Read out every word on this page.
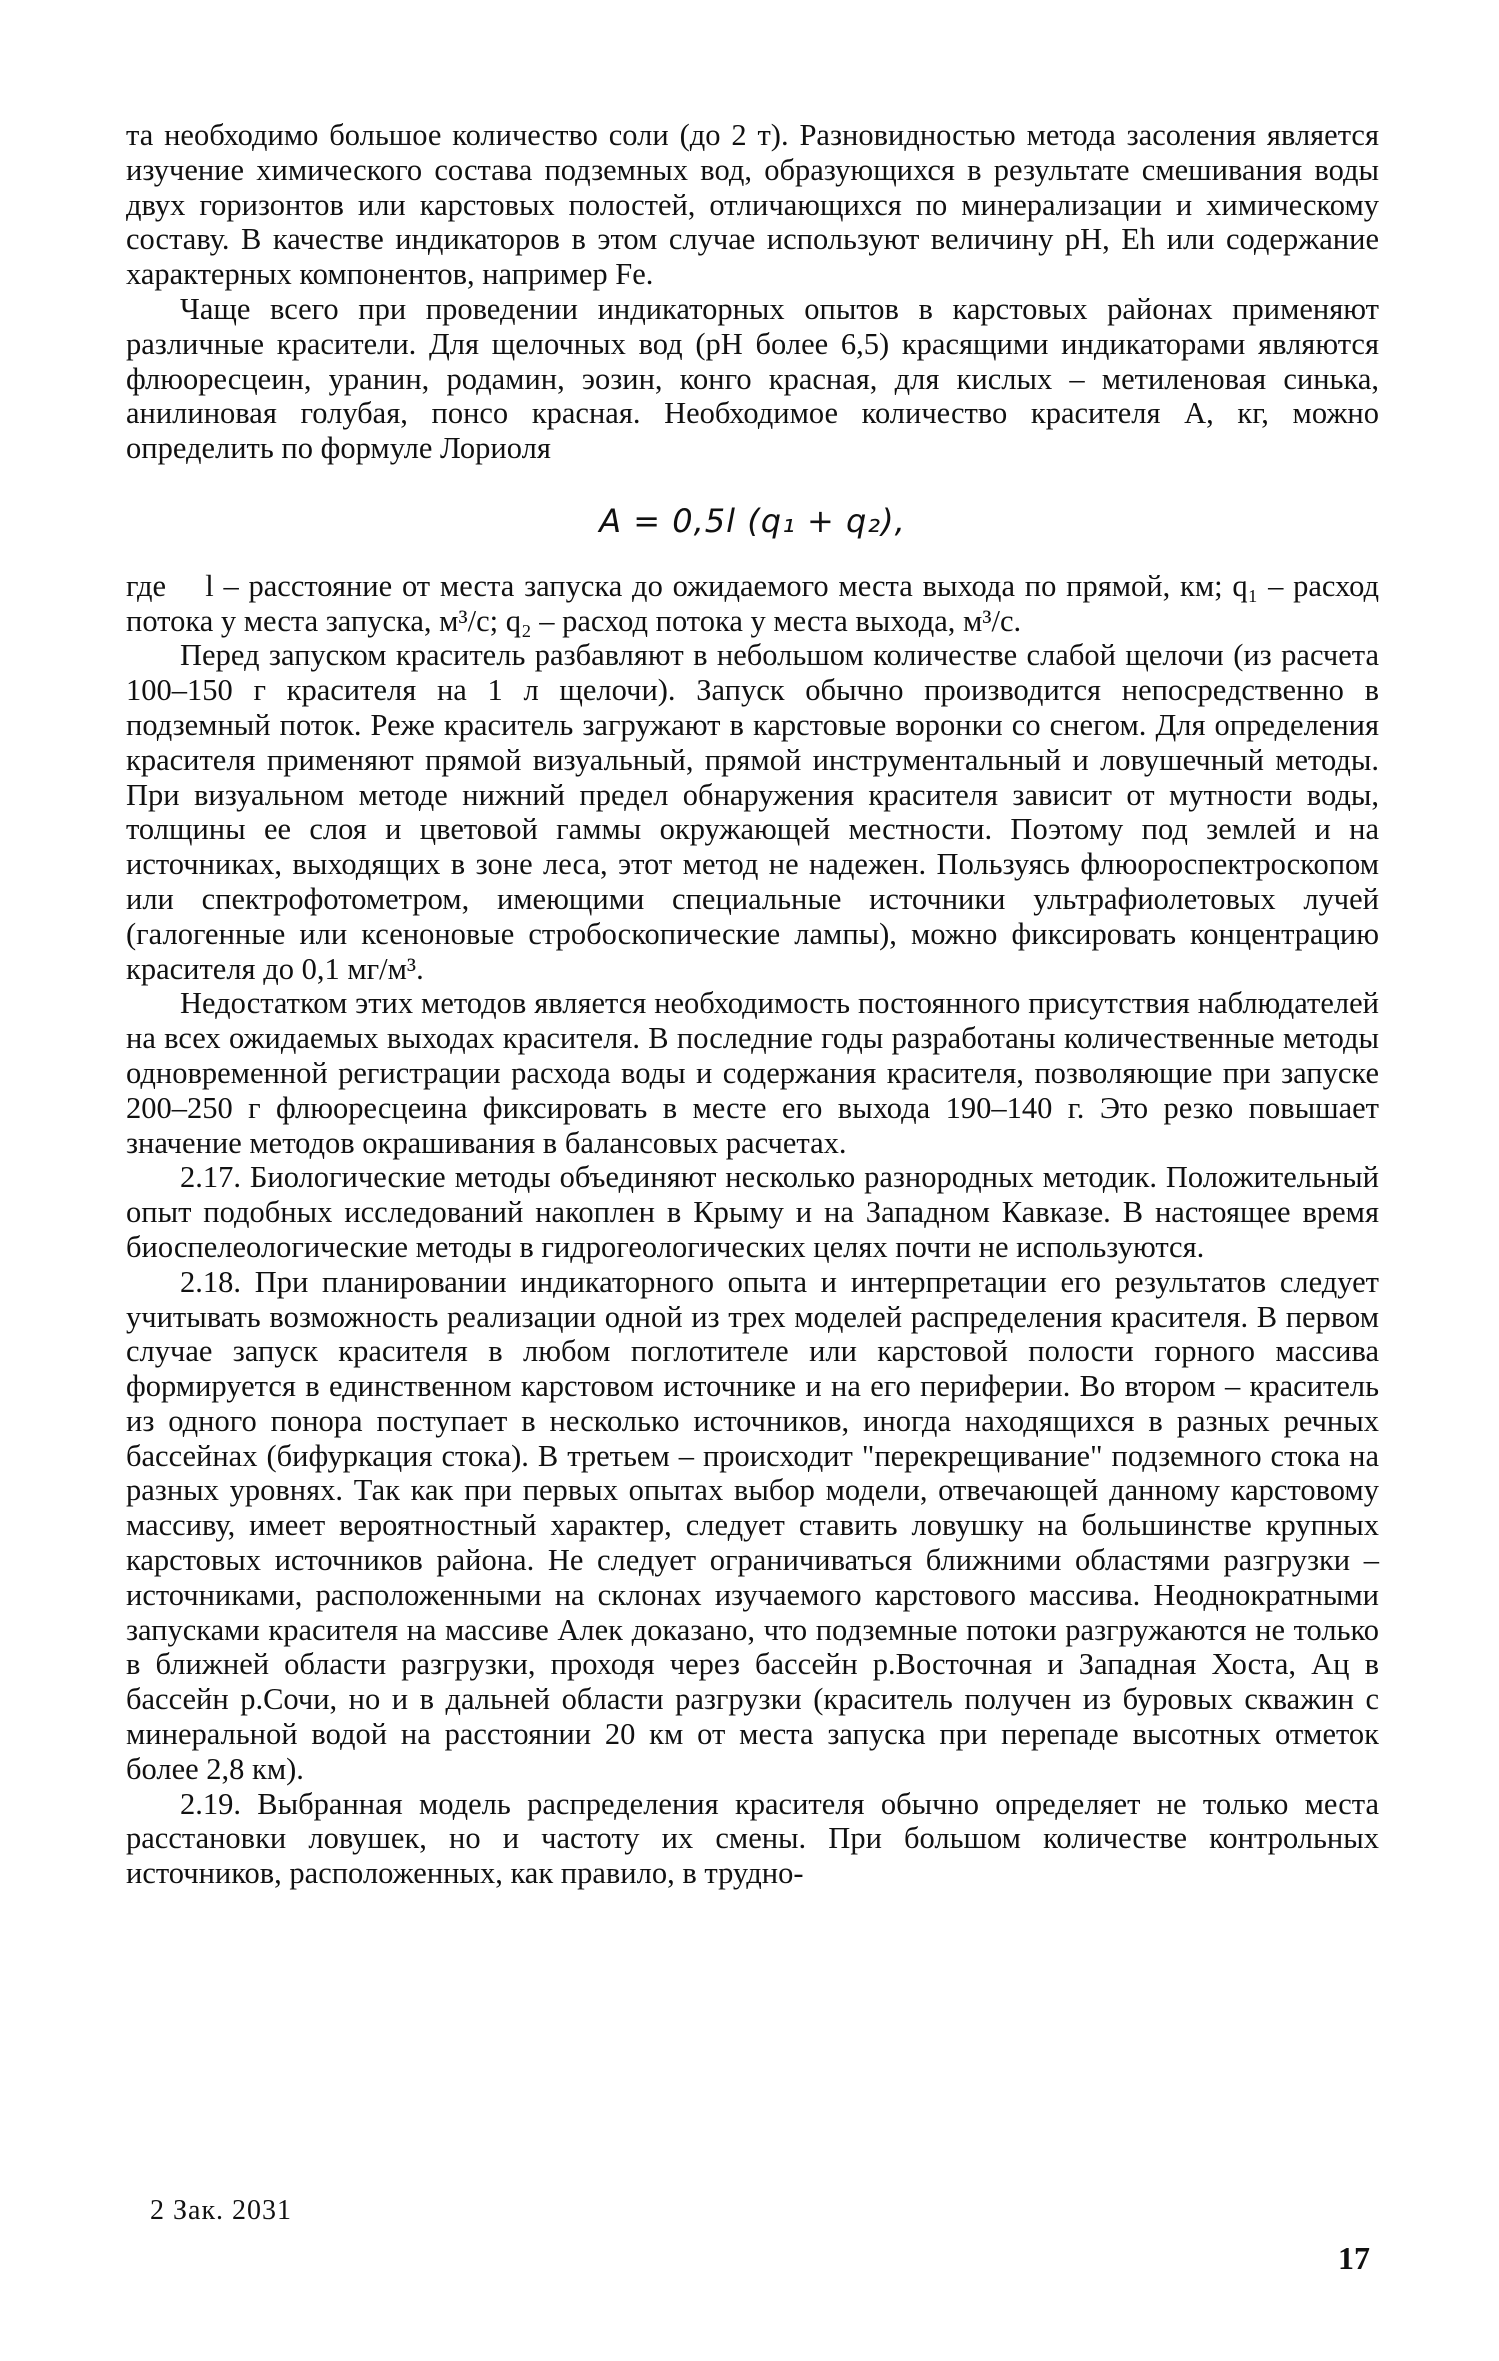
та необходимо большое количество соли (до 2 т). Разновидностью метода засоления является изучение химического состава подземных вод, образующихся в результате смешивания воды двух горизонтов или карстовых полостей, отличающихся по минерализации и химическому составу. В качестве индикаторов в этом случае используют величину pH, Eh или содержание характерных компонентов, например Fe.

Чаще всего при проведении индикаторных опытов в карстовых районах применяют различные красители. Для щелочных вод (pH более 6,5) красящими индикаторами являются флюоресцеин, уранин, родамин, эозин, конго красная, для кислых – метиленовая синька, анилиновая голубая, понсо красная. Необходимое количество красителя A, кг, можно определить по формуле Лориоля

A = 0,5l (q₁ + q₂),

где l – расстояние от места запуска до ожидаемого места выхода по прямой, км; q₁ – расход потока у места запуска, м³/с; q₂ – расход потока у места выхода, м³/с.

Перед запуском краситель разбавляют в небольшом количестве слабой щелочи (из расчета 100–150 г красителя на 1 л щелочи). Запуск обычно производится непосредственно в подземный поток. Реже краситель загружают в карстовые воронки со снегом. Для определения красителя применяют прямой визуальный, прямой инструментальный и ловушечный методы. При визуальном методе нижний предел обнаружения красителя зависит от мутности воды, толщины ее слоя и цветовой гаммы окружающей местности. Поэтому под землей и на источниках, выходящих в зоне леса, этот метод не надежен. Пользуясь флюороспектроскопом или спектрофотометром, имеющими специальные источники ультрафиолетовых лучей (галогенные или ксеноновые стробоскопические лампы), можно фиксировать концентрацию красителя до 0,1 мг/м³.

Недостатком этих методов является необходимость постоянного присутствия наблюдателей на всех ожидаемых выходах красителя. В последние годы разработаны количественные методы одновременной регистрации расхода воды и содержания красителя, позволяющие при запуске 200–250 г флюоресцеина фиксировать в месте его выхода 190–140 г. Это резко повышает значение методов окрашивания в балансовых расчетах.

2.17. Биологические методы объединяют несколько разнородных методик. Положительный опыт подобных исследований накоплен в Крыму и на Западном Кавказе. В настоящее время биоспелеологические методы в гидрогеологических целях почти не используются.

2.18. При планировании индикаторного опыта и интерпретации его результатов следует учитывать возможность реализации одной из трех моделей распределения красителя. В первом случае запуск красителя в любом поглотителе или карстовой полости горного массива формируется в единственном карстовом источнике и на его периферии. Во втором – краситель из одного понора поступает в несколько источников, иногда находящихся в разных речных бассейнах (бифуркация стока). В третьем – происходит "перекрещивание" подземного стока на разных уровнях. Так как при первых опытах выбор модели, отвечающей данному карстовому массиву, имеет вероятностный характер, следует ставить ловушку на большинстве крупных карстовых источников района. Не следует ограничиваться ближними областями разгрузки – источниками, расположенными на склонах изучаемого карстового массива. Неоднократными запусками красителя на массиве Алек доказано, что подземные потоки разгружаются не только в ближней области разгрузки, проходя через бассейн р.Восточная и Западная Хоста, Ац в бассейн р.Сочи, но и в дальней области разгрузки (краситель получен из буровых скважин с минеральной водой на расстоянии 20 км от места запуска при перепаде высотных отметок более 2,8 км).

2.19. Выбранная модель распределения красителя обычно определяет не только места расстановки ловушек, но и частоту их смены. При большом количестве контрольных источников, расположенных, как правило, в трудно-

2 Зак. 2031
17
